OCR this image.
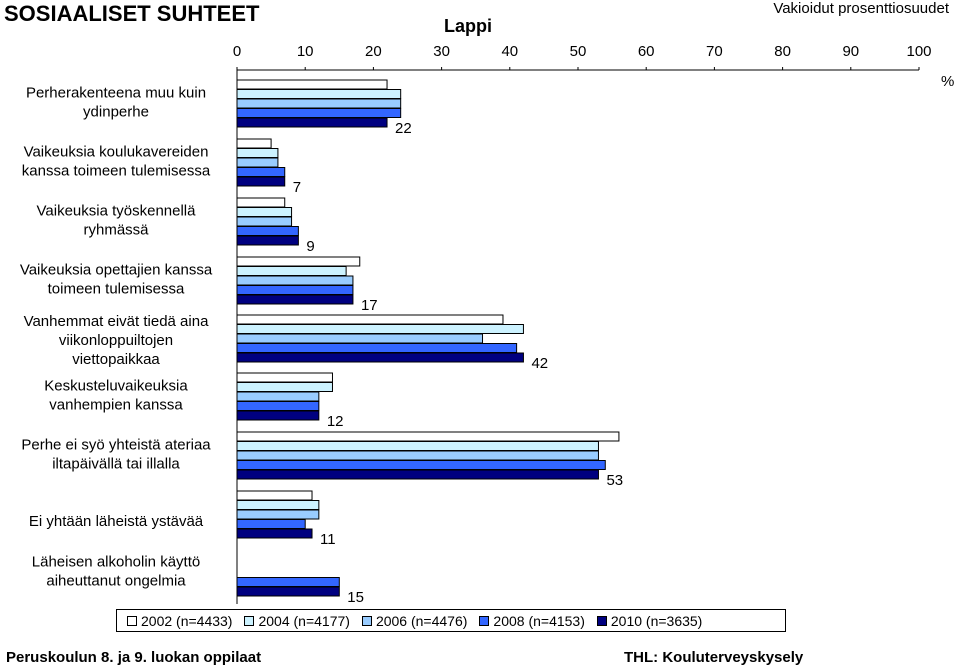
SOSIAALISET SUHTEET	Lappi
Vakioidut prosenttiosuudet
%
0	10	20	30	40	50	60	70	80	90	100
Perherakenteena muu kuin
ydinperhe
Vaikeuksia koulukavereiden
kanssa toimeen tulemisessa
Vaikeuksia työskennellä
ryhmässä
Vaikeuksia opettajien kanssa
toimeen tulemisessa
Vanhemmat eivät tiedä aina
viikonloppuiltojen
viettopaikkaa
Keskusteluvaikeuksia
vanhempien kanssa
Perhe ei syö yhteistä ateriaa
iltapäivällä tai illalla
Ei yhtään läheistä ystävää
Läheisen alkoholin käyttö
aiheuttanut ongelmia
22
7
9
17
42
12
53
11
15
2002 (n=4433) 2004 (n=4177) 2006 (n=4476) 2008 (n=4153) 2010 (n=3635)
Peruskoulun 8. ja 9. luokan oppilaat	THL: Kouluterveyskysely
